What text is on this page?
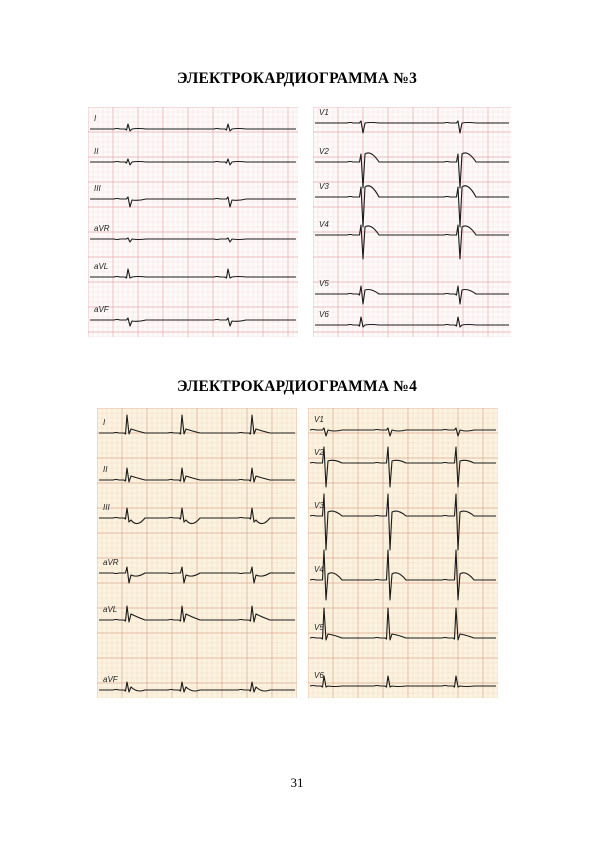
ЭЛЕКТРОКАРДИОГРАММА №3
I
II
III
aVR
aVL
aVF
V1
V2
V3
V4
V5
V6
ЭЛЕКТРОКАРДИОГРАММА №4
I
II
III
aVR
aVL
aVF
V1
V2
V3
V4
V5
V6
31
